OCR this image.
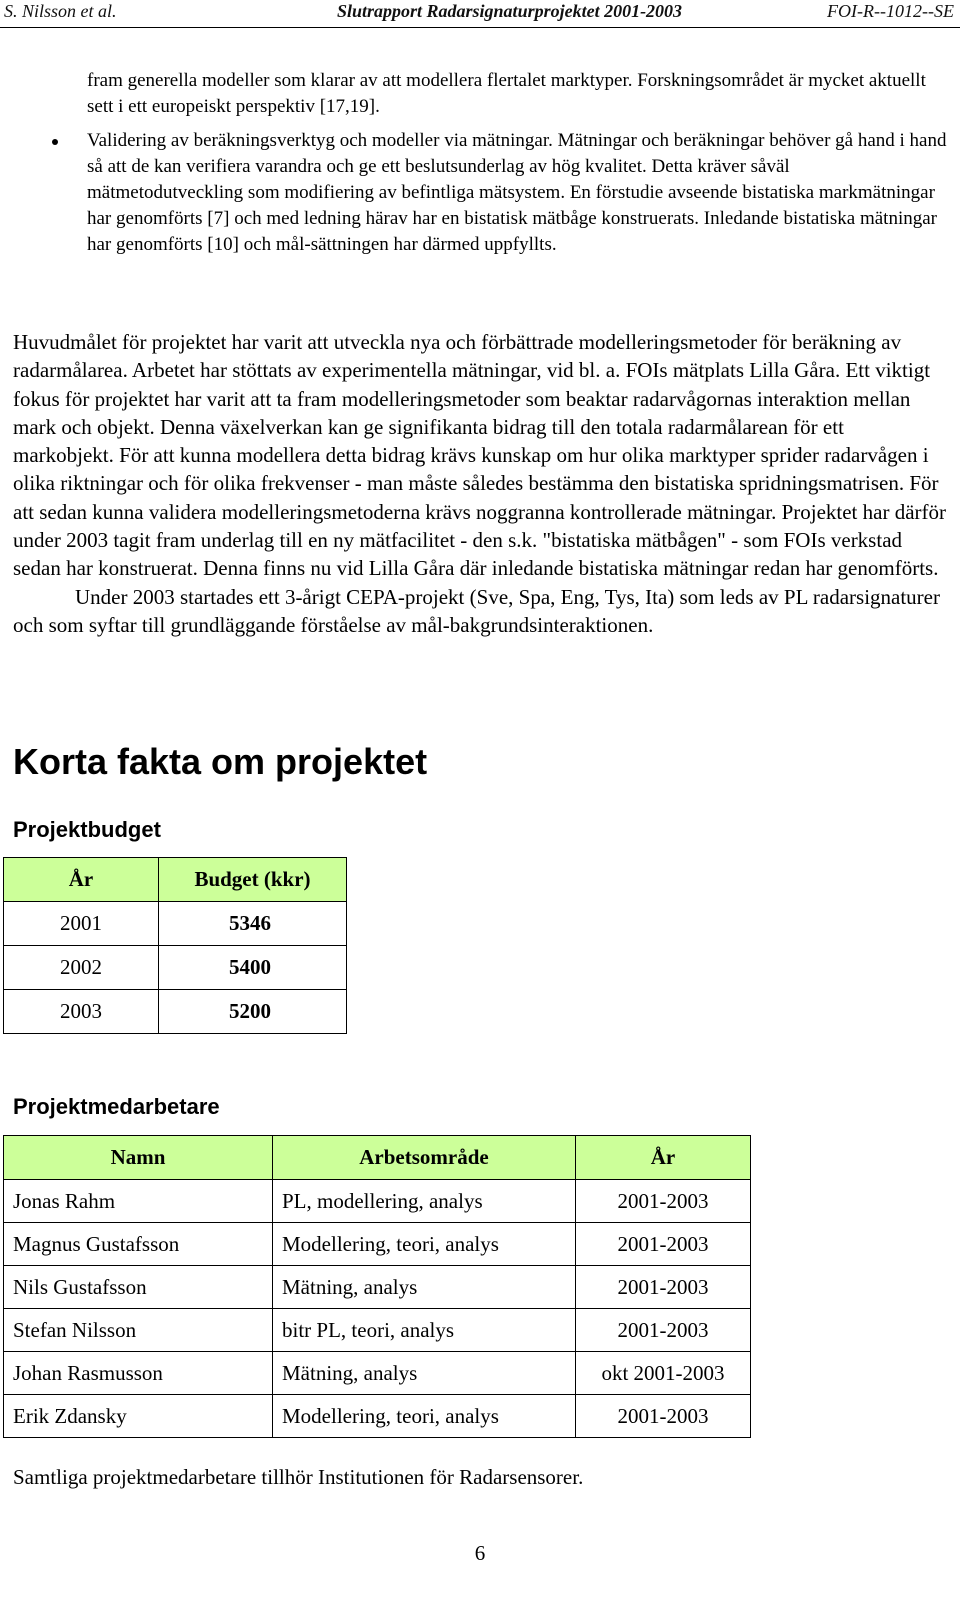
S. Nilsson et al.	Slutrapport Radarsignaturprojektet 2001-2003	FOI-R--1012--SE

fram generella modeller som klarar av att modellera flertalet marktyper. Forskningsområdet är mycket aktuellt sett i ett europeiskt perspektiv [17,19].

Validering av beräkningsverktyg och modeller via mätningar. Mätningar och beräkningar behöver gå hand i hand så att de kan verifiera varandra och ge ett beslutsunderlag av hög kvalitet. Detta kräver såväl mätmetodutveckling som modifiering av befintliga mätsystem. En förstudie avseende bistatiska markmätningar har genomförts [7] och med ledning härav har en bistatisk mätbåge konstruerats. Inledande bistatiska mätningar har genomförts [10] och mål-sättningen har därmed uppfyllts.

Huvudmålet för projektet har varit att utveckla nya och förbättrade modelleringsmetoder för beräkning av radarmålarea. Arbetet har stöttats av experimentella mätningar, vid bl. a. FOIs mätplats Lilla Gåra. Ett viktigt fokus för projektet har varit att ta fram modelleringsmetoder som beaktar radarvågornas interaktion mellan mark och objekt. Denna växelverkan kan ge signifikanta bidrag till den totala radarmålarean för ett markobjekt. För att kunna modellera detta bidrag krävs kunskap om hur olika marktyper sprider radarvågen i olika riktningar och för olika frekvenser - man måste således bestämma den bistatiska spridningsmatrisen. För att sedan kunna validera modelleringsmetoderna krävs noggranna kontrollerade mätningar. Projektet har därför under 2003 tagit fram underlag till en ny mätfacilitet - den s.k. "bistatiska mätbågen" - som FOIs verkstad sedan har konstruerat. Denna finns nu vid Lilla Gåra där inledande bistatiska mätningar redan har genomförts.

Under 2003 startades ett 3-årigt CEPA-projekt (Sve, Spa, Eng, Tys, Ita) som leds av PL radarsignaturer och som syftar till grundläggande förståelse av mål-bakgrundsinteraktionen.

Korta fakta om projektet
Projektbudget
År	Budget (kkr)
2001	5346
2002	5400
2003	5200
Projektmedarbetare
Namn	Arbetsområde	År
Jonas Rahm	PL, modellering, analys	2001-2003
Magnus Gustafsson	Modellering, teori, analys	2001-2003
Nils Gustafsson	Mätning, analys	2001-2003
Stefan Nilsson	bitr PL, teori, analys	2001-2003
Johan Rasmusson	Mätning, analys	okt 2001-2003
Erik Zdansky	Modellering, teori, analys	2001-2003
Samtliga projektmedarbetare tillhör Institutionen för Radarsensorer.
6
